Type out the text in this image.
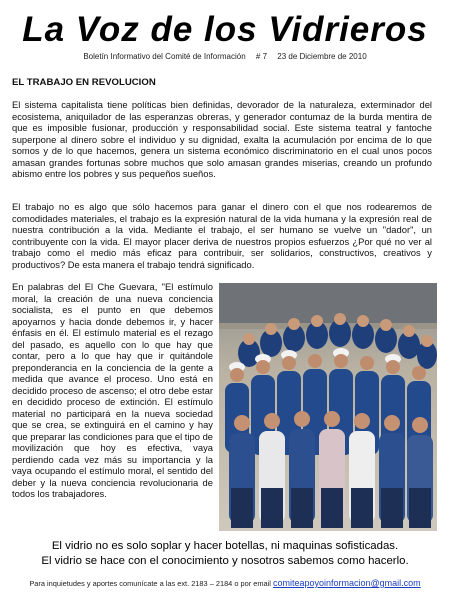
La Voz de los Vidrieros
Boletín Informativo del Comité de Información # 7 23 de Diciembre de 2010
EL TRABAJO EN REVOLUCION

El sistema capitalista tiene políticas bien definidas, devorador de la naturaleza, exterminador del ecosistema, aniquilador de las esperanzas obreras, y generador contumaz de la burda mentira de que es imposible fusionar, producción y responsabilidad social. Este sistema teatral y fantoche superpone al dinero sobre el individuo y su dignidad, exalta la acumulación por encima de lo que somos y de lo que hacemos, genera un sistema económico discriminatorio en el cual unos pocos amasan grandes fortunas sobre muchos que solo amasan grandes miserias, creando un profundo abismo entre los pobres y sus pequeños sueños.

El trabajo no es algo que sólo hacemos para ganar el dinero con el que nos rodearemos de comodidades materiales, el trabajo es la expresión natural de la vida humana y la expresión real de nuestra contribución a la vida. Mediante el trabajo, el ser humano se vuelve un "dador", un contribuyente con la vida. El mayor placer deriva de nuestros propios esfuerzos ¿Por qué no ver al trabajo como el medio más eficaz para contribuir, ser solidarios, constructivos, creativos y productivos? De esta manera el trabajo tendrá significado.

En palabras del El Che Guevara, "El estímulo moral, la creación de una nueva conciencia socialista, es el punto en que debemos apoyarnos y hacia donde debemos ir, y hacer énfasis en él. El estímulo material es el rezago del pasado, es aquello con lo que hay que contar, pero a lo que hay que ir quitándole preponderancia en la conciencia de la gente a medida que avance el proceso. Uno está en decidido proceso de ascenso; el otro debe estar en decidido proceso de extinción. El estímulo material no participará en la nueva sociedad que se crea, se extinguirá en el camino y hay que preparar las condiciones para que el tipo de movilización que hoy es efectiva, vaya perdiendo cada vez más su importancia y la vaya ocupando el estímulo moral, el sentido del deber y la nueva conciencia revolucionaria de todos los trabajadores.

El vidrio no es solo soplar y hacer botellas, ni maquinas sofisticadas.
El vidrio se hace con el conocimiento y nosotros sabemos como hacerlo.
Para inquietudes y aportes comunícate a las ext. 2183 – 2184 o por email comiteapoyoinformacion@gmail.com
